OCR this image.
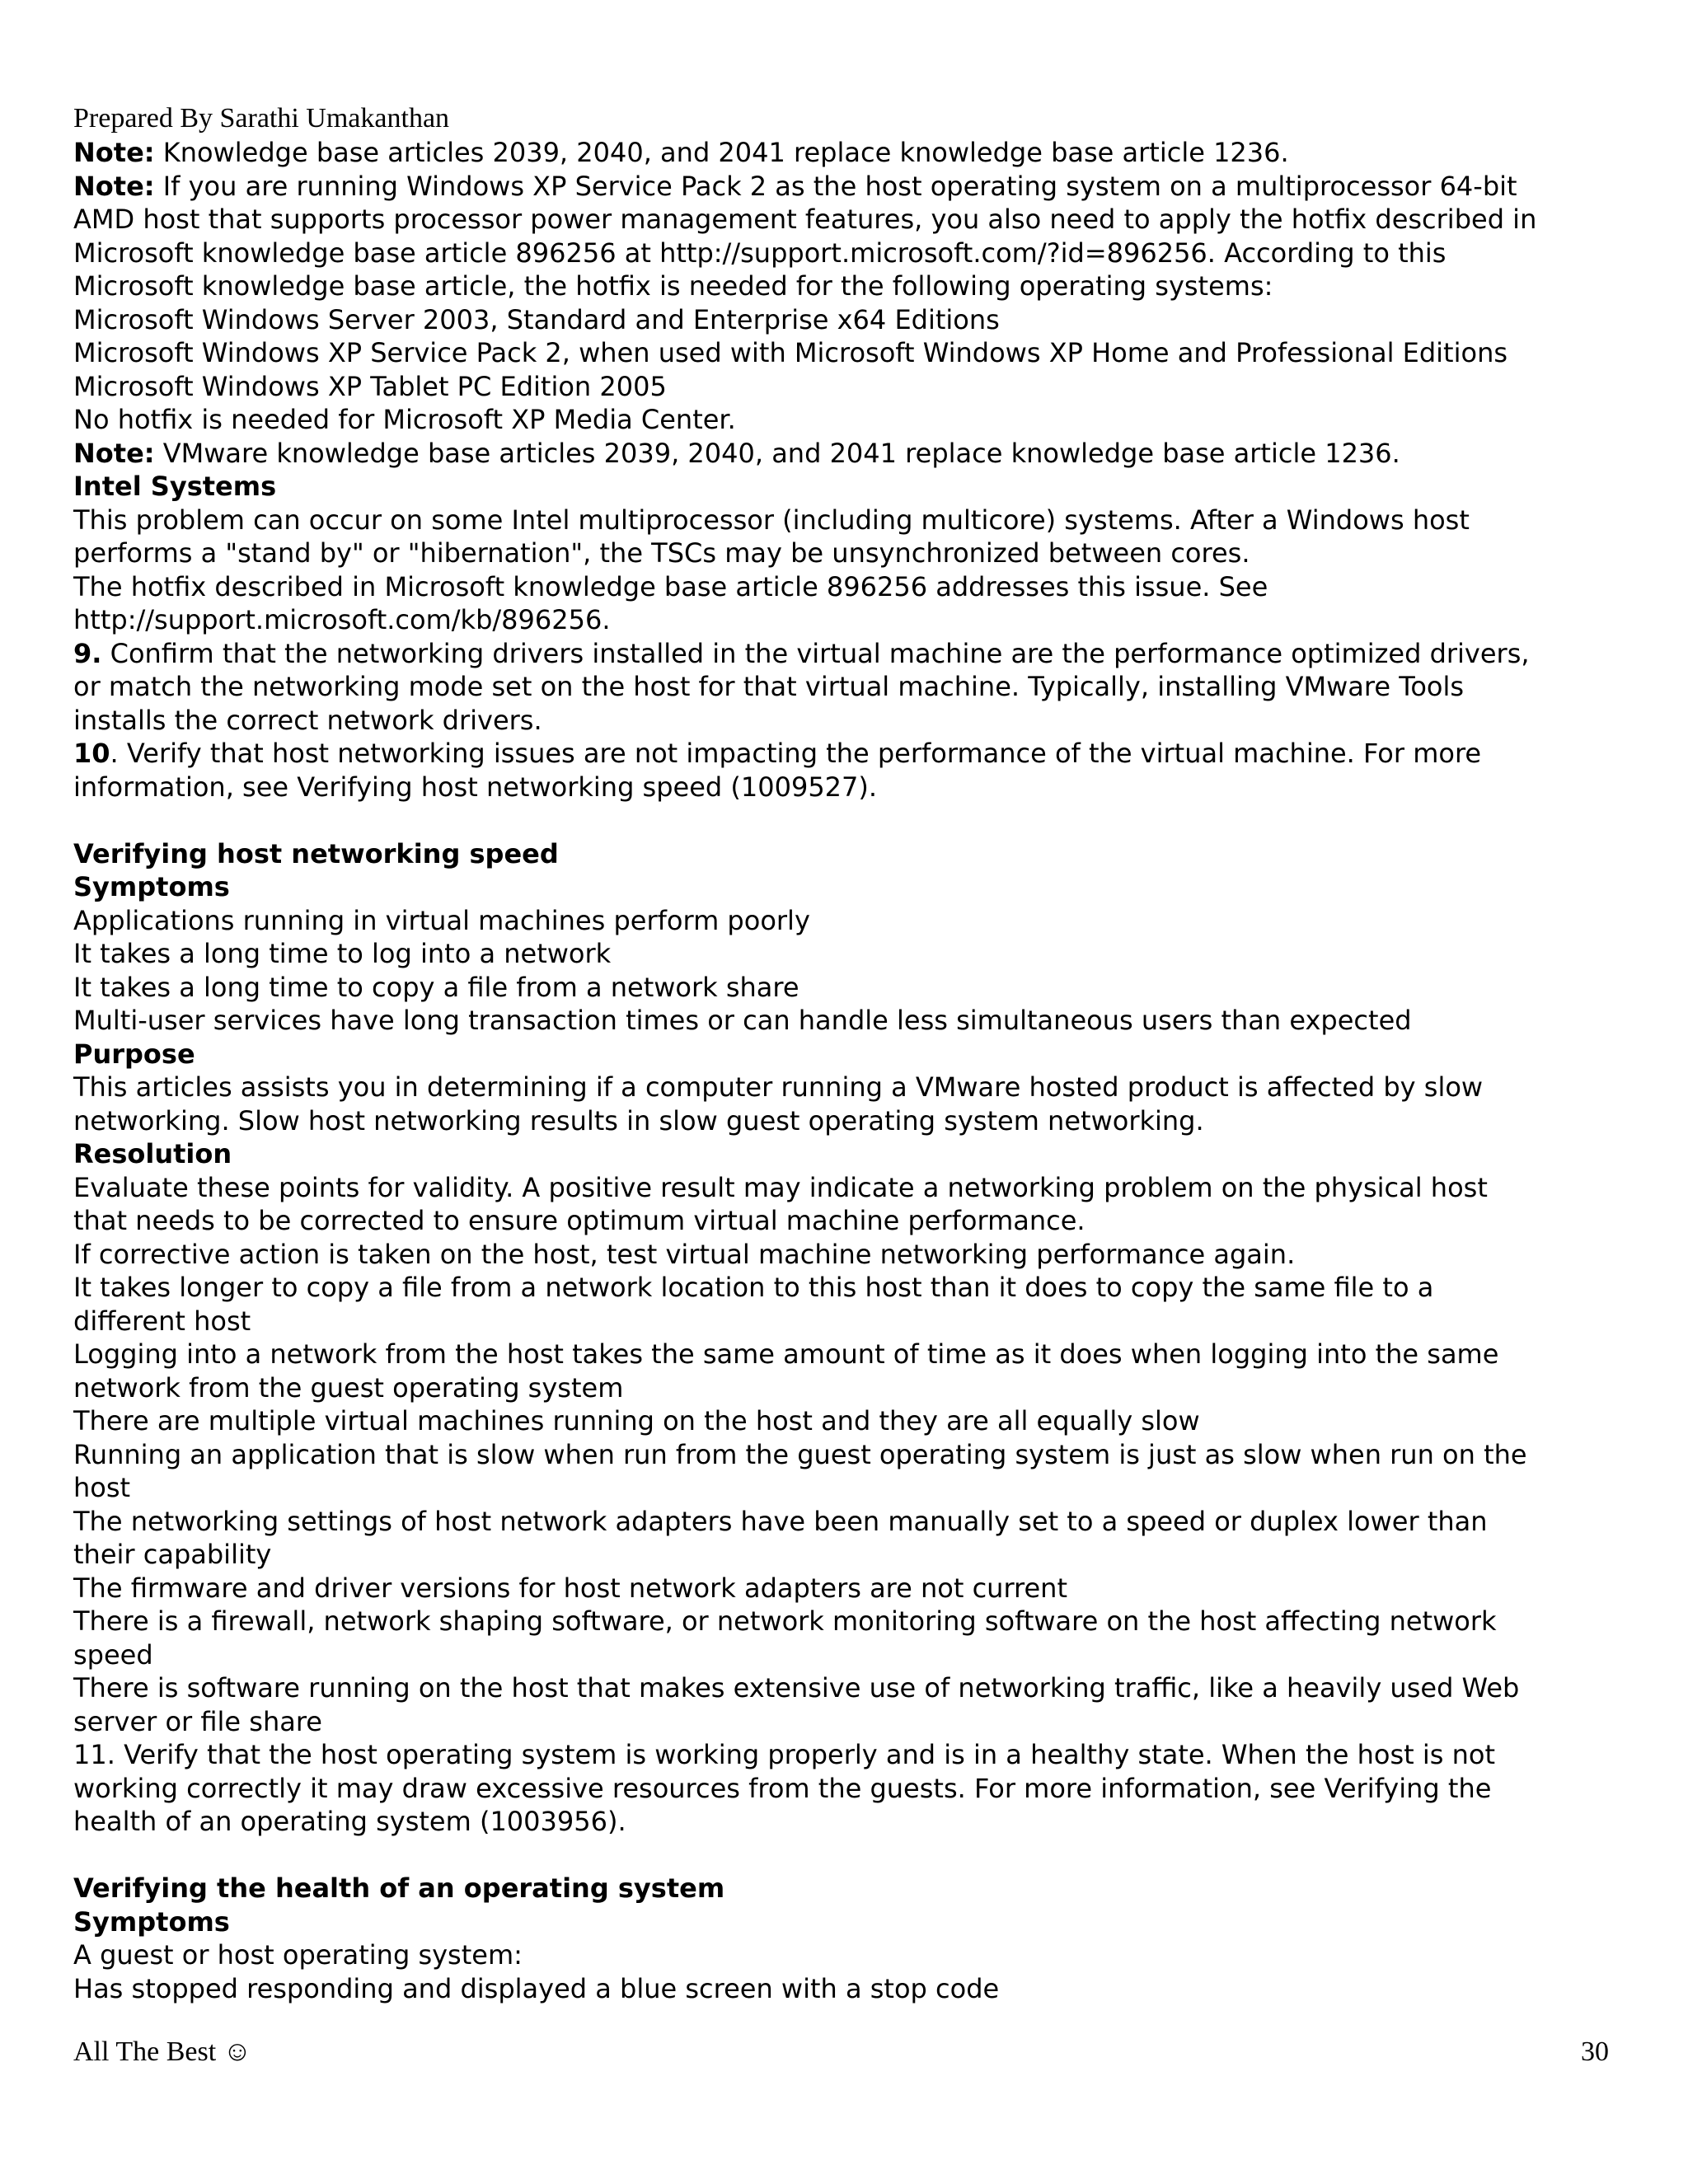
Prepared By Sarathi Umakanthan
Note: Knowledge base articles 2039, 2040, and 2041 replace knowledge base article 1236.
Note: If you are running Windows XP Service Pack 2 as the host operating system on a multiprocessor 64-bit
AMD host that supports processor power management features, you also need to apply the hotfix described in
Microsoft knowledge base article 896256 at http://support.microsoft.com/?id=896256. According to this
Microsoft knowledge base article, the hotfix is needed for the following operating systems:
Microsoft Windows Server 2003, Standard and Enterprise x64 Editions
Microsoft Windows XP Service Pack 2, when used with Microsoft Windows XP Home and Professional Editions
Microsoft Windows XP Tablet PC Edition 2005
No hotfix is needed for Microsoft XP Media Center.
Note: VMware knowledge base articles 2039, 2040, and 2041 replace knowledge base article 1236.
Intel Systems
This problem can occur on some Intel multiprocessor (including multicore) systems. After a Windows host
performs a "stand by" or "hibernation", the TSCs may be unsynchronized between cores.
The hotfix described in Microsoft knowledge base article 896256 addresses this issue. See
http://support.microsoft.com/kb/896256.
9. Confirm that the networking drivers installed in the virtual machine are the performance optimized drivers,
or match the networking mode set on the host for that virtual machine. Typically, installing VMware Tools
installs the correct network drivers.
10. Verify that host networking issues are not impacting the performance of the virtual machine. For more
information, see Verifying host networking speed (1009527).
Verifying host networking speed
Symptoms
Applications running in virtual machines perform poorly
It takes a long time to log into a network
It takes a long time to copy a file from a network share
Multi-user services have long transaction times or can handle less simultaneous users than expected
Purpose
This articles assists you in determining if a computer running a VMware hosted product is affected by slow
networking. Slow host networking results in slow guest operating system networking.
Resolution
Evaluate these points for validity. A positive result may indicate a networking problem on the physical host
that needs to be corrected to ensure optimum virtual machine performance.
If corrective action is taken on the host, test virtual machine networking performance again.
It takes longer to copy a file from a network location to this host than it does to copy the same file to a
different host
Logging into a network from the host takes the same amount of time as it does when logging into the same
network from the guest operating system
There are multiple virtual machines running on the host and they are all equally slow
Running an application that is slow when run from the guest operating system is just as slow when run on the
host
The networking settings of host network adapters have been manually set to a speed or duplex lower than
their capability
The firmware and driver versions for host network adapters are not current
There is a firewall, network shaping software, or network monitoring software on the host affecting network
speed
There is software running on the host that makes extensive use of networking traffic, like a heavily used Web
server or file share
11. Verify that the host operating system is working properly and is in a healthy state. When the host is not
working correctly it may draw excessive resources from the guests. For more information, see Verifying the
health of an operating system (1003956).
Verifying the health of an operating system
Symptoms
A guest or host operating system:
Has stopped responding and displayed a blue screen with a stop code
All The Best ☺	30
